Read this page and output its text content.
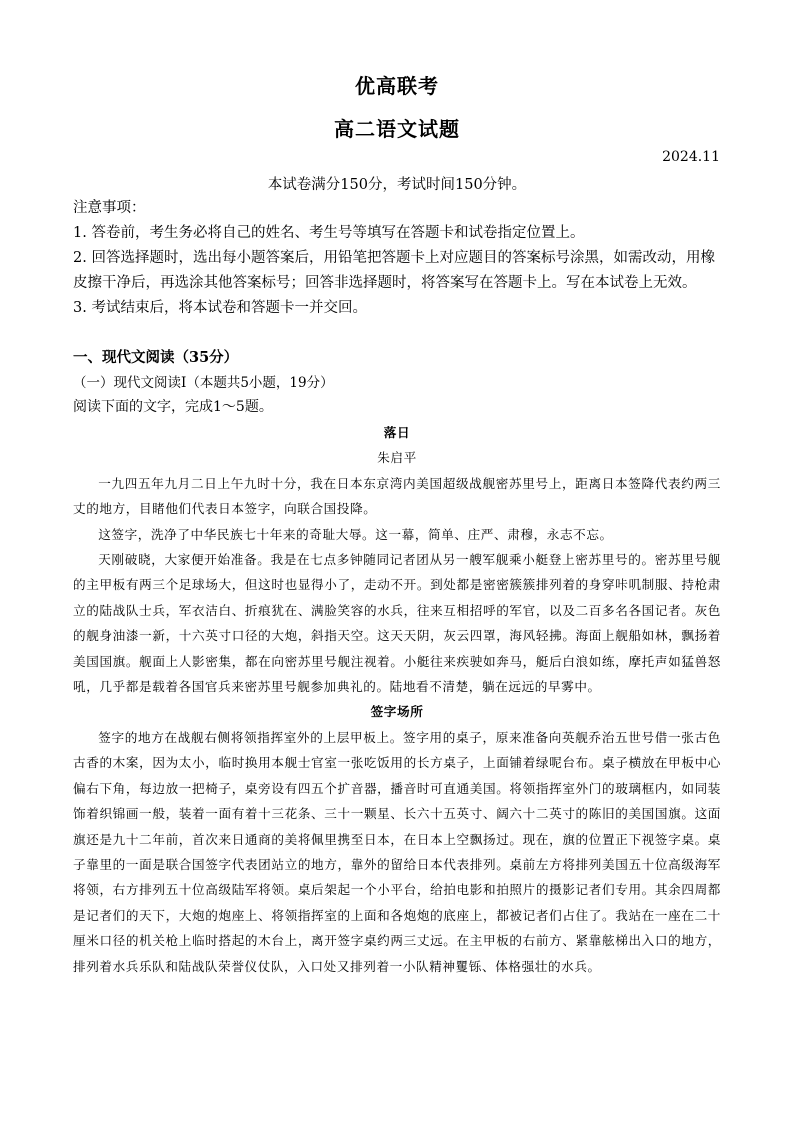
优高联考
高二语文试题
2024.11
本试卷满分150分，考试时间150分钟。
注意事项：
1. 答卷前，考生务必将自己的姓名、考生号等填写在答题卡和试卷指定位置上。
2. 回答选择题时，选出每小题答案后，用铅笔把答题卡上对应题目的答案标号涂黑，如需改动，用橡皮擦干净后，再选涂其他答案标号；回答非选择题时，将答案写在答题卡上。写在本试卷上无效。
3. 考试结束后，将本试卷和答题卡一并交回。
一、现代文阅读（35分）
（一）现代文阅读Ⅰ（本题共5小题，19分）
阅读下面的文字，完成1～5题。
落日
朱启平

一九四五年九月二日上午九时十分，我在日本东京湾内美国超级战舰密苏里号上，距离日本签降代表约两三丈的地方，目睹他们代表日本签字，向联合国投降。

这签字，洗净了中华民族七十年来的奇耻大辱。这一幕，简单、庄严、肃穆，永志不忘。

天刚破晓，大家便开始准备。我是在七点多钟随同记者团从另一艘军舰乘小艇登上密苏里号的。密苏里号舰的主甲板有两三个足球场大，但这时也显得小了，走动不开。到处都是密密簇簇排列着的身穿咔叽制服、持枪肃立的陆战队士兵，军衣洁白、折痕犹在、满脸笑容的水兵，往来互相招呼的军官，以及二百多名各国记者。灰色的舰身油漆一新，十六英寸口径的大炮，斜指天空。这天天阴，灰云四罩，海风轻拂。海面上舰船如林，飘扬着美国国旗。舰面上人影密集，都在向密苏里号舰注视着。小艇往来疾驶如奔马，艇后白浪如练，摩托声如猛兽怒吼，几乎都是载着各国官兵来密苏里号舰参加典礼的。陆地看不清楚，躺在远远的早雾中。

签字场所

签字的地方在战舰右侧将领指挥室外的上层甲板上。签字用的桌子，原来准备向英舰乔治五世号借一张古色古香的木案，因为太小，临时换用本舰士官室一张吃饭用的长方桌子，上面铺着绿呢台布。桌子横放在甲板中心偏右下角，每边放一把椅子，桌旁设有四五个扩音器，播音时可直通美国。将领指挥室外门的玻璃框内，如同装饰着织锦画一般，装着一面有着十三花条、三十一颗星、长六十五英寸、阔六十二英寸的陈旧的美国国旗。这面旗还是九十二年前，首次来日通商的美将佩里携至日本，在日本上空飘扬过。现在，旗的位置正下视签字桌。桌子靠里的一面是联合国签字代表团站立的地方，靠外的留给日本代表排列。桌前左方将排列美国五十位高级海军将领，右方排列五十位高级陆军将领。桌后架起一个小平台，给拍电影和拍照片的摄影记者们专用。其余四周都是记者们的天下，大炮的炮座上、将领指挥室的上面和各炮炮的底座上，都被记者们占住了。我站在一座在二十厘米口径的机关枪上临时搭起的木台上，离开签字桌约两三丈远。在主甲板的右前方、紧靠舷梯出入口的地方，排列着水兵乐队和陆战队荣誉仪仗队，入口处又排列着一小队精神矍铄、体格强壮的水兵。
